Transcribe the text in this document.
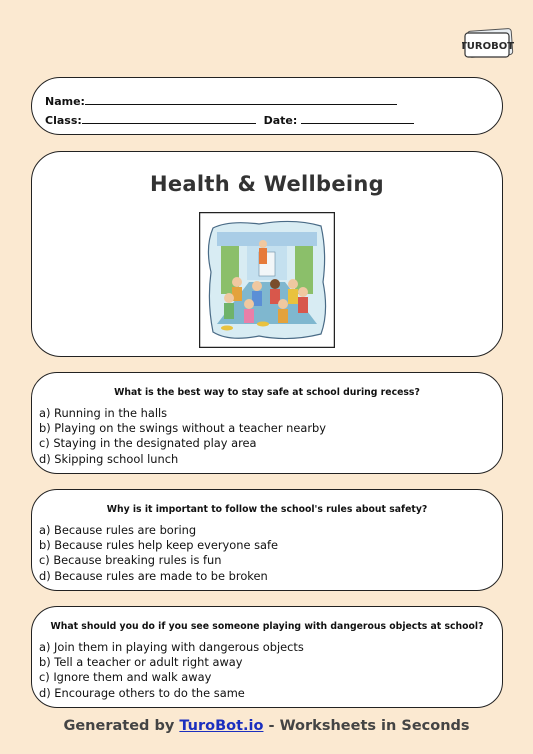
TUROBOT
Name:
Class:	Date:
Health & Wellbeing
What is the best way to stay safe at school during recess?
a) Running in the halls
b) Playing on the swings without a teacher nearby
c) Staying in the designated play area
d) Skipping school lunch
Why is it important to follow the school's rules about safety?
a) Because rules are boring
b) Because rules help keep everyone safe
c) Because breaking rules is fun
d) Because rules are made to be broken
What should you do if you see someone playing with dangerous objects at school?
a) Join them in playing with dangerous objects
b) Tell a teacher or adult right away
c) Ignore them and walk away
d) Encourage others to do the same
Generated by TuroBot.io - Worksheets in Seconds
